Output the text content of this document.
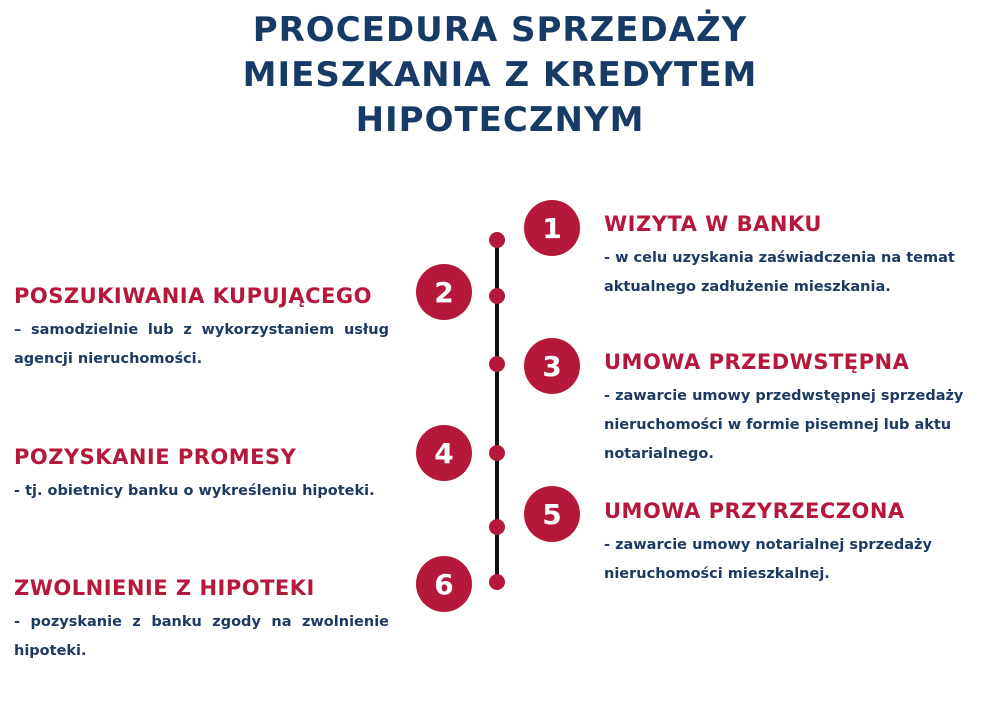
PROCEDURA SPRZEDAŻY
MIESZKANIA Z KREDYTEM
HIPOTECZNYM
1
2
3
4
5
6
WIZYTA W BANKU

- w celu uzyskania zaświadczenia na temat aktualnego zadłużenie mieszkania.

POSZUKIWANIA KUPUJĄCEGO

– samodzielnie lub z wykorzystaniem usług agencji nieruchomości.	UMOWA PRZEDWSTĘPNA

- zawarcie umowy przedwstępnej sprzedaży nieruchomości w formie pisemnej lub aktu notarialnego.

POZYSKANIE PROMESY

- tj. obietnicy banku o wykreśleniu hipoteki.

UMOWA PRZYRZECZONA

- zawarcie umowy notarialnej sprzedaży nieruchomości mieszkalnej.

ZWOLNIENIE Z HIPOTEKI

- pozyskanie z banku zgody na zwolnienie hipoteki.
